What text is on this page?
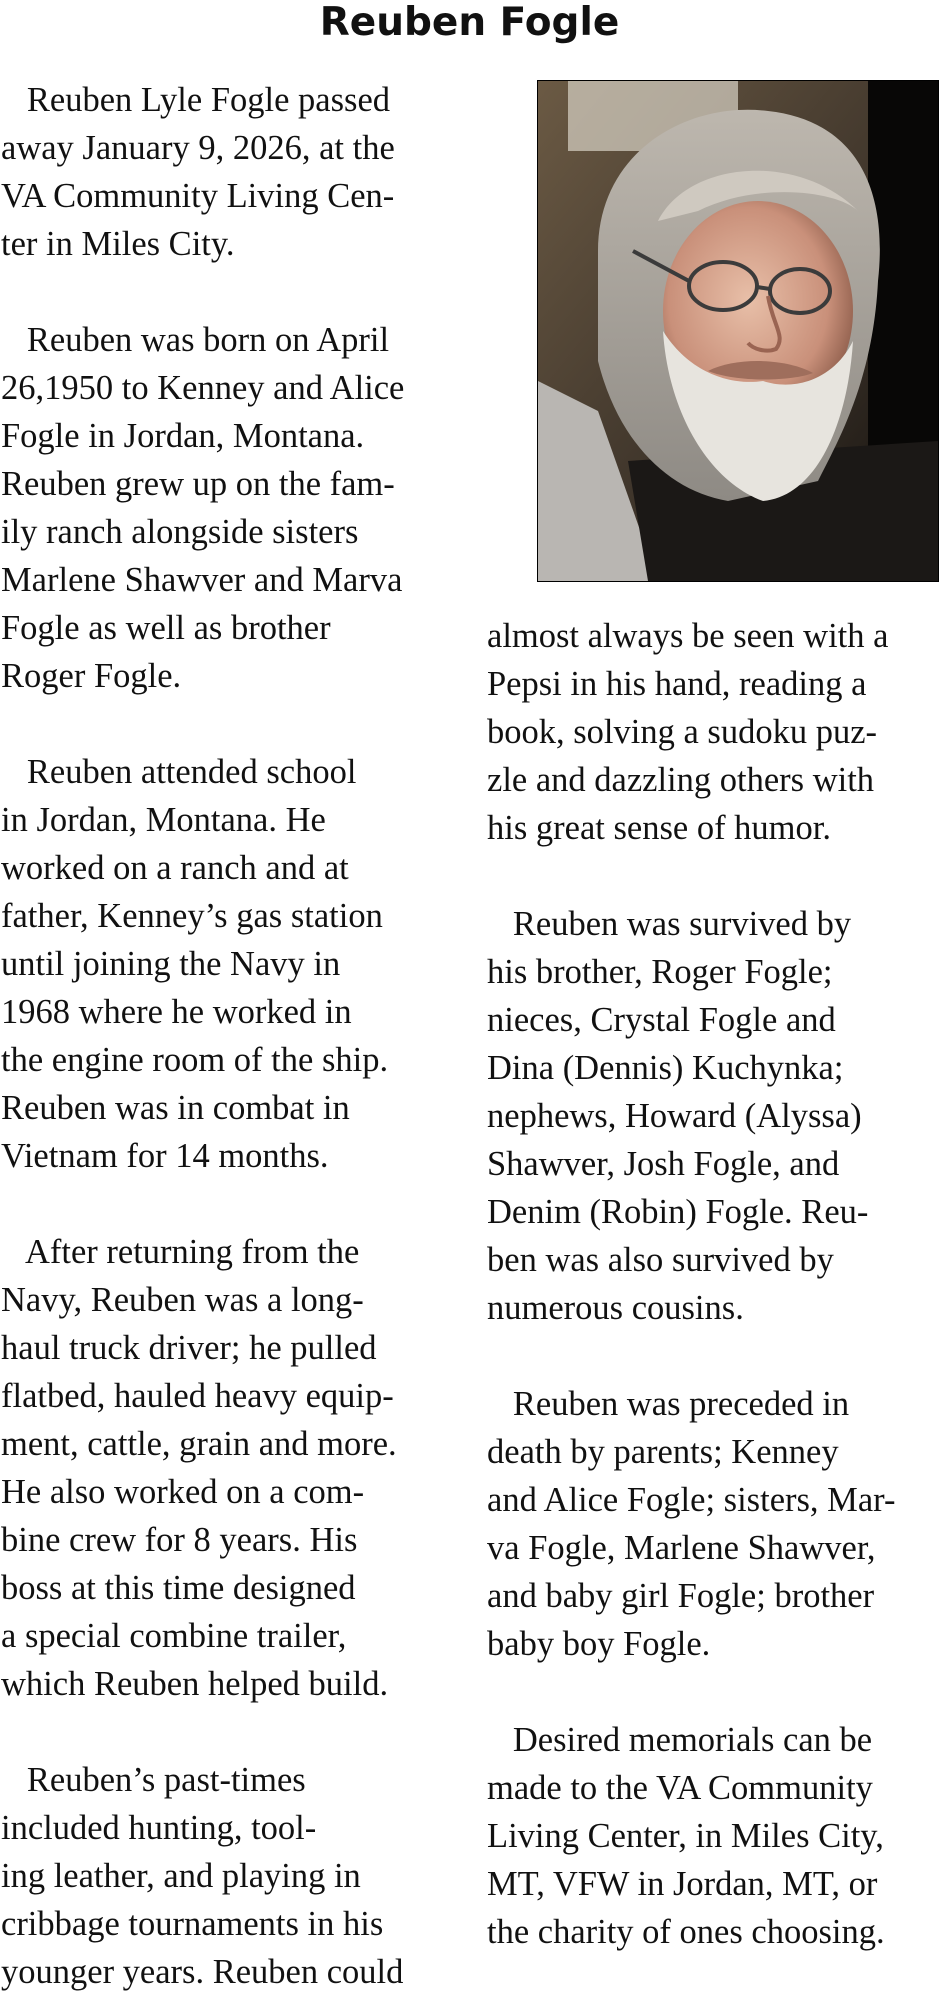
Reuben Fogle
Reuben Lyle Fogle passed
away January 9, 2026, at the
VA Community Living Cen-
ter in Miles City.
Reuben was born on April
26,1950 to Kenney and Alice
Fogle in Jordan, Montana.
Reuben grew up on the fam-
ily ranch alongside sisters
Marlene Shawver and Marva
Fogle as well as brother
Roger Fogle.
Reuben attended school
in Jordan, Montana. He
worked on a ranch and at
father, Kenney’s gas station
until joining the Navy in
1968 where he worked in
the engine room of the ship.
Reuben was in combat in
Vietnam for 14 months.
After returning from the
Navy, Reuben was a long-
haul truck driver; he pulled
flatbed, hauled heavy equip-
ment, cattle, grain and more.
He also worked on a com-
bine crew for 8 years. His
boss at this time designed
a special combine trailer,
which Reuben helped build.
Reuben’s past-times
included hunting, tool-
ing leather, and playing in
cribbage tournaments in his
younger years. Reuben could
almost always be seen with a
Pepsi in his hand, reading a
book, solving a sudoku puz-
zle and dazzling others with
his great sense of humor.
Reuben was survived by
his brother, Roger Fogle;
nieces, Crystal Fogle and
Dina (Dennis) Kuchynka;
nephews, Howard (Alyssa)
Shawver, Josh Fogle, and
Denim (Robin) Fogle. Reu-
ben was also survived by
numerous cousins.
Reuben was preceded in
death by parents; Kenney
and Alice Fogle; sisters, Mar-
va Fogle, Marlene Shawver,
and baby girl Fogle; brother
baby boy Fogle.
Desired memorials can be
made to the VA Community
Living Center, in Miles City,
MT, VFW in Jordan, MT, or
the charity of ones choosing.
